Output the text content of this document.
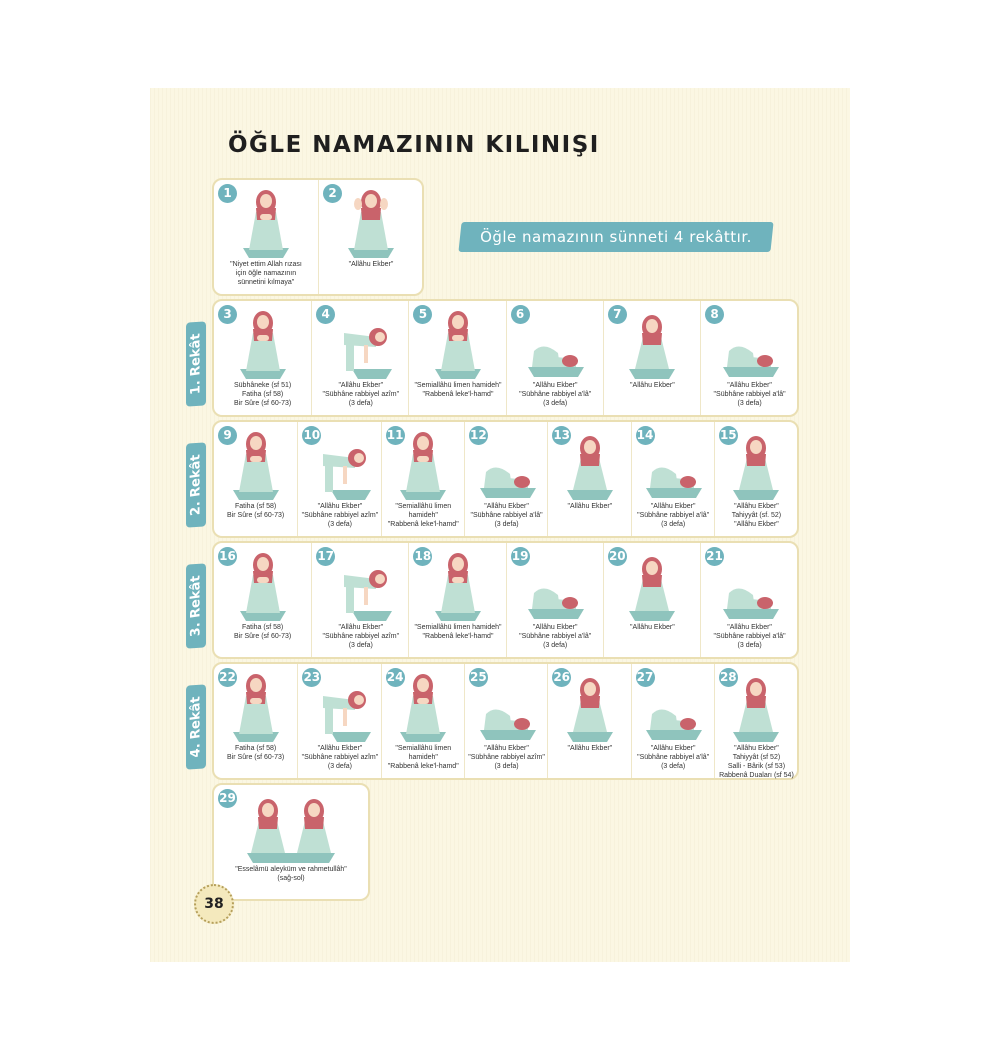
ÖĞLE NAMAZININ KILINIŞI
Öğle namazının sünneti 4 rekâttır.
1
"Niyet ettim Allah rızası
için öğle namazının
sünnetini kılmaya"
2
"Allâhu Ekber"
3
Sübhâneke (sf 51)
Fatiha (sf 58)
Bir Sûre (sf 60-73)
4
"Allâhu Ekber"
"Sübhâne rabbiyel azîm"
(3 defa)
5
"Semiallâhü limen hamideh"
"Rabbenâ leke'l-hamd"
6
"Allâhu Ekber"
"Sübhâne rabbiyel a'lâ"
(3 defa)
7
"Allâhu Ekber"
8
"Allâhu Ekber"
"Sübhâne rabbiyel a'lâ"
(3 defa)
1. Rekât
9
Fatiha (sf 58)
Bir Sûre (sf 60-73)
10
"Allâhu Ekber"
"Sübhâne rabbiyel azîm"
(3 defa)
11
"Semiallâhü limen hamideh"
"Rabbenâ leke'l-hamd"
12
"Allâhu Ekber"
"Sübhâne rabbiyel a'lâ"
(3 defa)
13
"Allâhu Ekber"
14
"Allâhu Ekber"
"Sübhâne rabbiyel a'lâ"
(3 defa)
15
"Allâhu Ekber"
Tahiyyât (sf. 52)
"Allâhu Ekber"
2. Rekât
16
Fatiha (sf 58)
Bir Sûre (sf 60-73)
17
"Allâhu Ekber"
"Sübhâne rabbiyel azîm"
(3 defa)
18
"Semiallâhü limen hamideh"
"Rabbenâ leke'l-hamd"
19
"Allâhu Ekber"
"Sübhâne rabbiyel a'lâ"
(3 defa)
20
"Allâhu Ekber"
21
"Allâhu Ekber"
"Sübhâne rabbiyel a'lâ"
(3 defa)
3. Rekât
22
Fatiha (sf 58)
Bir Sûre (sf 60-73)
23
"Allâhu Ekber"
"Sübhâne rabbiyel azîm"
(3 defa)
24
"Semiallâhü limen hamideh"
"Rabbenâ leke'l-hamd"
25
"Allâhu Ekber"
"Sübhâne rabbiyel azîm"
(3 defa)
26
"Allâhu Ekber"
27
"Allâhu Ekber"
"Sübhâne rabbiyel a'lâ"
(3 defa)
28
"Allâhu Ekber"
Tahiyyât (sf 52)
Salli - Bârik (sf 53)
Rabbenâ Duaları (sf 54)
4. Rekât
29
"Esselâmü aleyküm ve rahmetullâh"
(sağ-sol)
38
